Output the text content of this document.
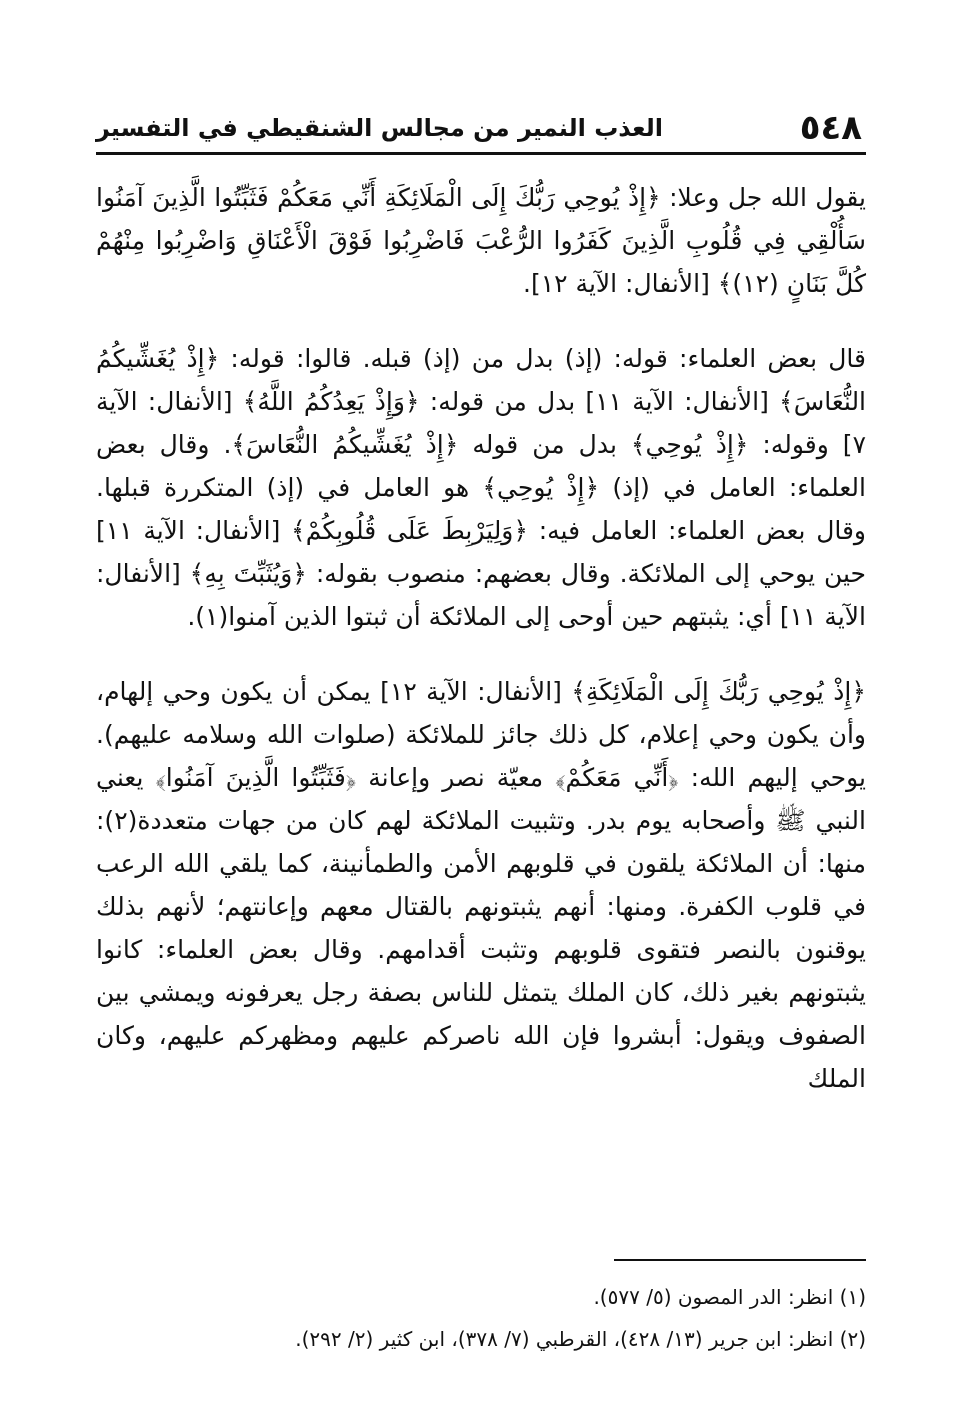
٥٤٨
العذب النمير من مجالس الشنقيطي في التفسير

يقول الله جل وعلا: ﴿إِذْ يُوحِي رَبُّكَ إِلَى الْمَلَائِكَةِ أَنِّي مَعَكُمْ فَثَبِّتُوا الَّذِينَ آمَنُوا سَأُلْقِي فِي قُلُوبِ الَّذِينَ كَفَرُوا الرُّعْبَ فَاضْرِبُوا فَوْقَ الْأَعْنَاقِ وَاضْرِبُوا مِنْهُمْ كُلَّ بَنَانٍ (١٢)﴾ [الأنفال: الآية ١٢].

قال بعض العلماء: قوله: (إذ) بدل من (إذ) قبله. قالوا: قوله: ﴿إِذْ يُغَشِّيكُمُ النُّعَاسَ﴾ [الأنفال: الآية ١١] بدل من قوله: ﴿وَإِذْ يَعِدُكُمُ اللَّهُ﴾ [الأنفال: الآية ٧] وقوله: ﴿إِذْ يُوحِي﴾ بدل من قوله ﴿إِذْ يُغَشِّيكُمُ النُّعَاسَ﴾. وقال بعض العلماء: العامل في (إذ) ﴿إِذْ يُوحِي﴾ هو العامل في (إذ) المتكررة قبلها. وقال بعض العلماء: العامل فيه: ﴿وَلِيَرْبِطَ عَلَى قُلُوبِكُمْ﴾ [الأنفال: الآية ١١] حين يوحي إلى الملائكة. وقال بعضهم: منصوب بقوله: ﴿وَيُثَبِّتَ بِهِ﴾ [الأنفال: الآية ١١] أي: يثبتهم حين أوحى إلى الملائكة أن ثبتوا الذين آمنوا(١).

﴿إِذْ يُوحِي رَبُّكَ إِلَى الْمَلَائِكَةِ﴾ [الأنفال: الآية ١٢] يمكن أن يكون وحي إلهام، وأن يكون وحي إعلام، كل ذلك جائز للملائكة (صلوات الله وسلامه عليهم). يوحي إليهم الله: ﴿أَنِّي مَعَكُمْ﴾ معيّة نصر وإعانة ﴿فَثَبِّتُوا الَّذِينَ آمَنُوا﴾ يعني النبي ﷺ وأصحابه يوم بدر. وتثبيت الملائكة لهم كان من جهات متعددة(٢): منها: أن الملائكة يلقون في قلوبهم الأمن والطمأنينة، كما يلقي الله الرعب في قلوب الكفرة. ومنها: أنهم يثبتونهم بالقتال معهم وإعانتهم؛ لأنهم بذلك يوقنون بالنصر فتقوى قلوبهم وتثبت أقدامهم. وقال بعض العلماء: كانوا يثبتونهم بغير ذلك، كان الملك يتمثل للناس بصفة رجل يعرفونه ويمشي بين الصفوف ويقول: أبشروا فإن الله ناصركم عليهم ومظهركم عليهم، وكان الملك

(١) انظر: الدر المصون (٥/ ٥٧٧).

(٢) انظر: ابن جرير (١٣/ ٤٢٨)، القرطبي (٧/ ٣٧٨)، ابن كثير (٢/ ٢٩٢).
